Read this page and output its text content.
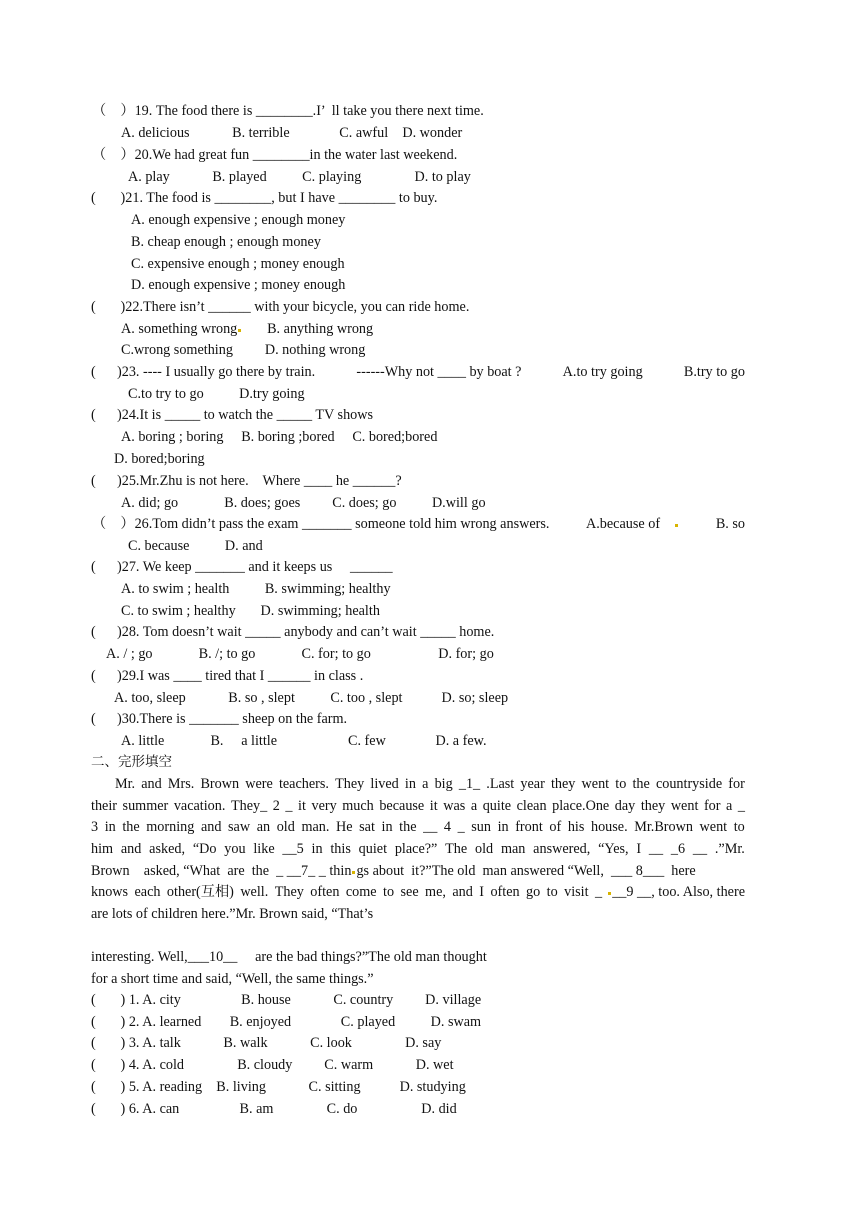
（    ）19. The food there is ________.I’  ll take you there next time.
A. delicious            B. terrible              C. awful    D. wonder
（    ）20.We had great fun ________in the water last weekend.
A. play            B. played          C. playing               D. to play
(       )21. The food is ________, but I have ________ to buy.
A. enough expensive ; enough money
B. cheap enough ; enough money
C. expensive enough ; money enough
D. enough expensive ; money enough
(       )22.There isn’t ______ with your bicycle, you can ride home.
A. something wrong       B. anything wrong
C.wrong something         D. nothing wrong
(      )23. ---- I usually go there by train.	------Why not ____ by boat ?	A.to try going	B.try to go
C.to try to go          D.try going
(      )24.It is _____ to watch the _____ TV shows
A. boring ; boring     B. boring ;bored     C. bored;bored
D. bored;boring
(      )25.Mr.Zhu is not here.    Where ____ he ______?
A. did; go             B. does; goes         C. does; go          D.will go
（    ）26.Tom didn’t pass the exam _______ someone told him wrong answers.	A.because of	B. so
C. because          D. and
(      )27. We keep _______ and it keeps us     ______
A. to swim ; health          B. swimming; healthy
C. to swim ; healthy       D. swimming; health
(      )28. Tom doesn’t wait _____ anybody and can’t wait _____ home.
A. / ; go             B. /; to go             C. for; to go                   D. for; go
(      )29.I was ____ tired that I ______ in class .
A. too, sleep            B. so , slept          C. too , slept           D. so; sleep
(      )30.There is _______ sheep on the farm.
A. little             B.     a little                    C. few              D. a few.
二、完形填空
Mr. and Mrs. Brown were teachers. They lived in a big _1_ .Last year they went to the countryside for
their summer vacation. They_ 2 _ it very much because it was a quite clean place.One day they went for a _
3 in the morning and saw an old man. He sat in the __ 4 _ sun in front of his house. Mr.Brown went to
him and asked, “Do you like __5 in this quiet place?” The old man answered, “Yes, I __ _6 __ .”Mr.
Brown    asked, “What  are  the  _ __7_ _ thin gs about  it?”The old  man answered “Well,  ___ 8___  here
knows each other(互相) well. They often come to see me, and I often go to visit _ __9 __, too. Also, there
are lots of children here.”Mr. Brown said, “That’s
interesting. Well,___10__     are the bad things?”The old man thought
for a short time and said, “Well, the same things.”
(       ) 1. A. city                 B. house            C. country         D. village
(       ) 2. A. learned        B. enjoyed              C. played          D. swam
(       ) 3. A. talk            B. walk            C. look               D. say
(       ) 4. A. cold               B. cloudy         C. warm            D. wet
(       ) 5. A. reading    B. living            C. sitting           D. studying
(       ) 6. A. can                 B. am               C. do                  D. did
